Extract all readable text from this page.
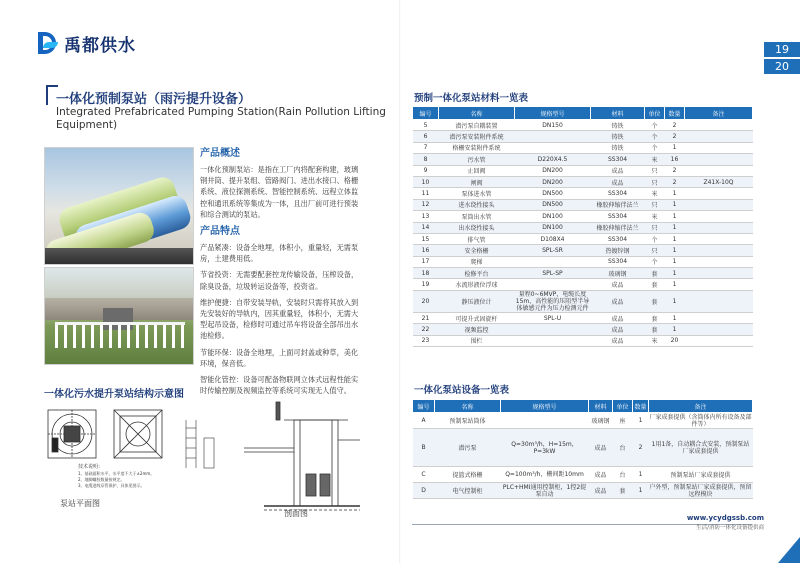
禹都供水	19
20
一体化预制泵站（雨污提升设备）
Integrated Prefabricated Pumping Station(Rain Pollution Lifting Equipment)
产品概述

一体化预制泵站：是指在工厂内将配套构建，玻璃钢井筒、提升泵组、管路阀门、进出水接口、格栅系统、液位探测系统、智能控制系统、远程立体监控和通讯系统等集成为一体，且出厂前可进行预装和综合测试的泵站。

产品特点

产品紧凑：设备全地埋，体积小，重量轻，无需泵房，土建费用低。

节省投资：无需要配套控龙传输设备，压榨设备，除臭设备，垃圾转运设备等，投资省。

维护便捷：自带安装导轨，安装时只需将其放入到先安装好的导轨内，因其重量轻，体积小，无需大型起吊设备，检修时可通过吊车将设备全部吊出水池检修。

节能环保：设备全地埋，上面可封盖或种草，美化环境，保音低。

智能化管控：设备可配备物联网立体式远程性能实时传输控制及视频监控等系统可实现无人值守。

一体化污水提升泵站结构示意图
技术说明：
1、基础面积水平，水平度不大于±2mm。
2、地脚螺栓数量按规定。
3、电缆进线穿管保护，具体见图示。
泵站平面图
剖面图
预制一体化泵站材料一览表
编号	名称	规格型号	材料	单位	数量	备注
5	潜污泵自耦装置	DN150	铸铁	个	2	
6	潜污泵安装附件系统		铸铁	个	2	
7	格栅安装附件系统		铸铁	个	1	
8	污水管	D220X4.5	SS304	米	16	
9	止回阀	DN200	成品	只	2	
10	闸阀	DN200	成品	只	2	Z41X-10Q
11	泵体进水管	DN500	SS304	米	1	
12	进水绕性接头	DN500	橡胶伸缩伴法兰	只	1	
13	泵筒出水管	DN100	SS304	米	1	
14	出水绕性接头	DN100	橡胶伸缩伴法兰	只	1	
15	排气管	D108X4	SS304	个	1	
16	安全格栅	SPL-SR	热镀锌钢	只	1	
17	爬梯		SS304	个	1	
18	检修平台	SPL-SP	玻璃钢	套	1	
19	水流形液位浮球		成品	套	1	
20	静压液位计	量程0~6MVP，电缆长度15m，高性能的压阻型半导体敏感元件为压力检测元件	成品	套	1	
21	可提升式固旋杆	SPL-U	成品	套	1	
22	视频监控		成品	套	1	
23	围栏		成品	米	20	
一体化泵站设备一览表
编号	名称	规格型号	材料	单位	数量	备注
A	预制泵站筒体		玻璃钢	座	1	厂家成套提供（含筒体内所有设备及部件等）
B	潜污泵	Q=30m³/h，H=15m，P=3kW	成品	台	2	1用1备，自动耦合式安装，预制泵站厂家成套提供
C	提篮式格栅	Q=100m³/h，栅间距10mm	成品	台	1	预制泵站厂家成套提供
D	电气控制柜	PLC+HMI通用控制柜，1控2提泵自动	成品	套	1	户外型，预制泵站厂家成套提供，预留远程模块
www.ycydgssb.com
生活/消防一体化设备提供商
